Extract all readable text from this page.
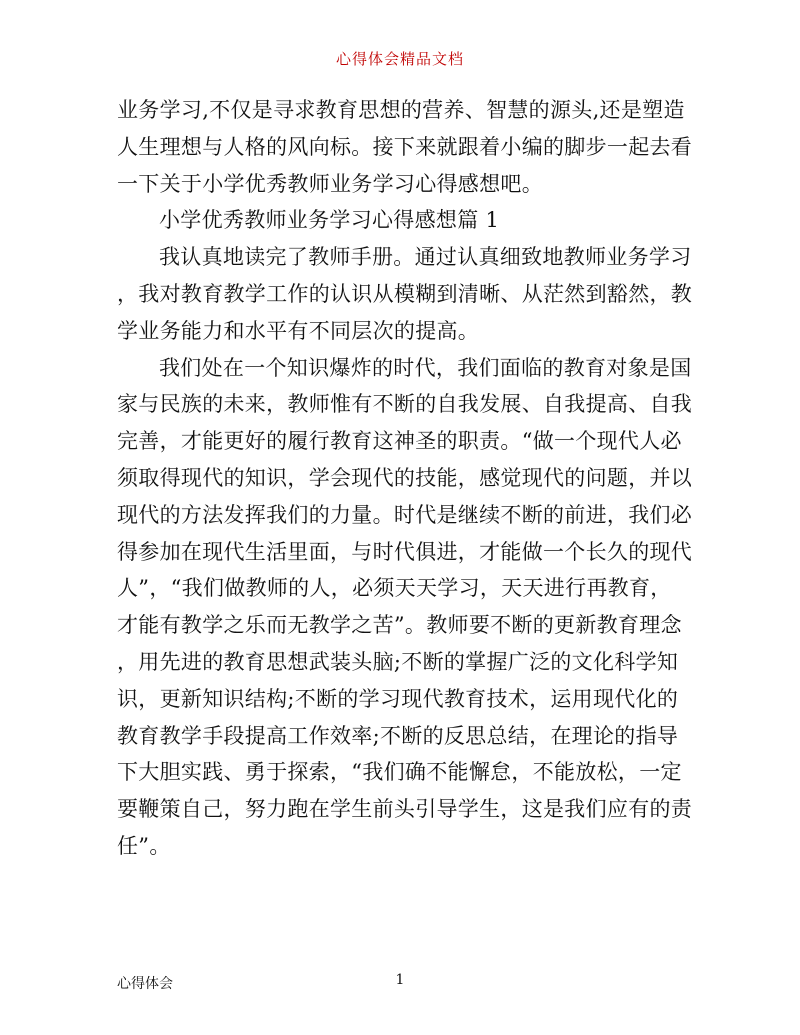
心得体会精品文档
业务学习,不仅是寻求教育思想的营养、智慧的源头,还是塑造
人生理想与人格的风向标。接下来就跟着小编的脚步一起去看
一下关于小学优秀教师业务学习心得感想吧。
小学优秀教师业务学习心得感想篇 1
我认真地读完了教师手册。通过认真细致地教师业务学习
，我对教育教学工作的认识从模糊到清晰、从茫然到豁然，教
学业务能力和水平有不同层次的提高。
我们处在一个知识爆炸的时代，我们面临的教育对象是国
家与民族的未来，教师惟有不断的自我发展、自我提高、自我
完善，才能更好的履行教育这神圣的职责。“做一个现代人必
须取得现代的知识，学会现代的技能，感觉现代的问题，并以
现代的方法发挥我们的力量。时代是继续不断的前进，我们必
得参加在现代生活里面，与时代俱进，才能做一个长久的现代
人”，“我们做教师的人，必须天天学习，天天进行再教育，
才能有教学之乐而无教学之苦”。教师要不断的更新教育理念
，用先进的教育思想武装头脑;不断的掌握广泛的文化科学知
识，更新知识结构;不断的学习现代教育技术，运用现代化的
教育教学手段提高工作效率;不断的反思总结，在理论的指导
下大胆实践、勇于探索，“我们确不能懈怠，不能放松，一定
要鞭策自己，努力跑在学生前头引导学生，这是我们应有的责
任”。
心得体会	1
